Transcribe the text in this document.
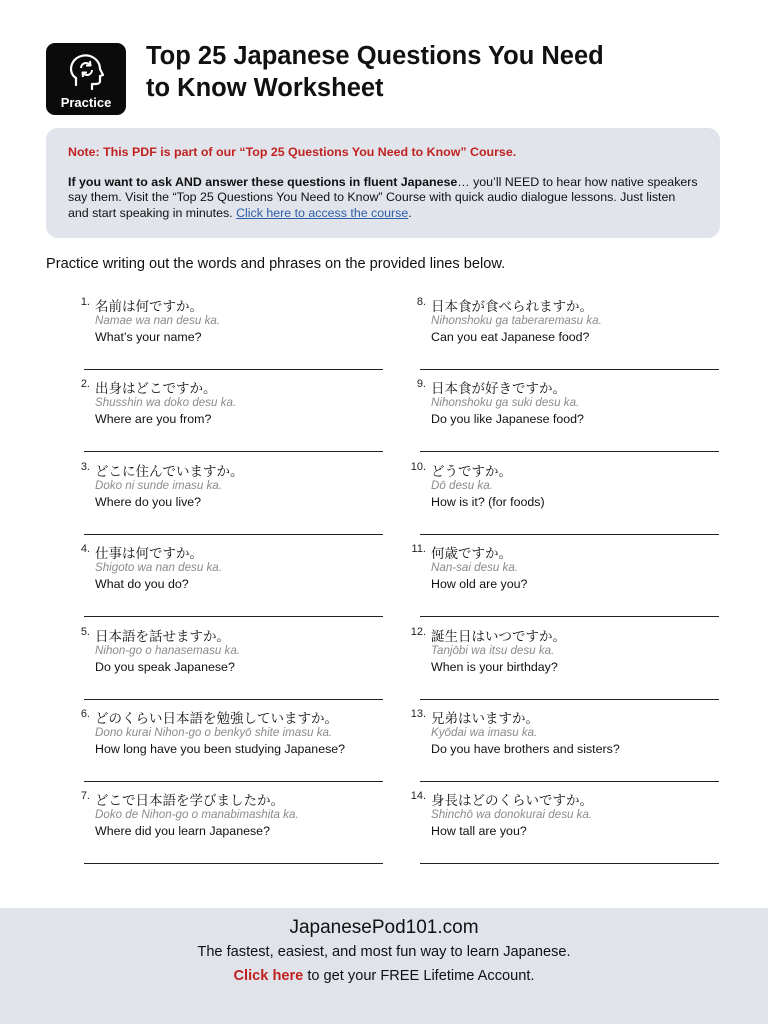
Practice
Top 25 Japanese Questions You Need
to Know Worksheet
Note: This PDF is part of our “Top 25 Questions You Need to Know” Course.
If you want to ask AND answer these questions in fluent Japanese… you’ll NEED to hear how native speakers say them. Visit the “Top 25 Questions You Need to Know” Course with quick audio dialogue lessons. Just listen and start speaking in minutes. Click here to access the course.
Practice writing out the words and phrases on the provided lines below.
1. 名前は何ですか。
Namae wa nan desu ka.
What’s your name?
2. 出身はどこですか。
Shusshin wa doko desu ka.
Where are you from?
3. どこに住んでいますか。
Doko ni sunde imasu ka.
Where do you live?
4. 仕事は何ですか。
Shigoto wa nan desu ka.
What do you do?
5. 日本語を話せますか。
Nihon-go o hanasemasu ka.
Do you speak Japanese?
6. どのくらい日本語を勉強していますか。
Dono kurai Nihon-go o benkyō shite imasu ka.
How long have you been studying Japanese?
7. どこで日本語を学びましたか。
Doko de Nihon-go o manabimashita ka.
Where did you learn Japanese?
8. 日本食が食べられますか。
Nihonshoku ga taberaremasu ka.
Can you eat Japanese food?
9. 日本食が好きですか。
Nihonshoku ga suki desu ka.
Do you like Japanese food?
10. どうですか。
Dō desu ka.
How is it? (for foods)
11. 何歳ですか。
Nan-sai desu ka.
How old are you?
12. 誕生日はいつですか。
Tanjōbi wa itsu desu ka.
When is your birthday?
13. 兄弟はいますか。
Kyōdai wa imasu ka.
Do you have brothers and sisters?
14. 身長はどのくらいですか。
Shinchō wa donokurai desu ka.
How tall are you?
JapanesePod101.com
The fastest, easiest, and most fun way to learn Japanese.
Click here to get your FREE Lifetime Account.
